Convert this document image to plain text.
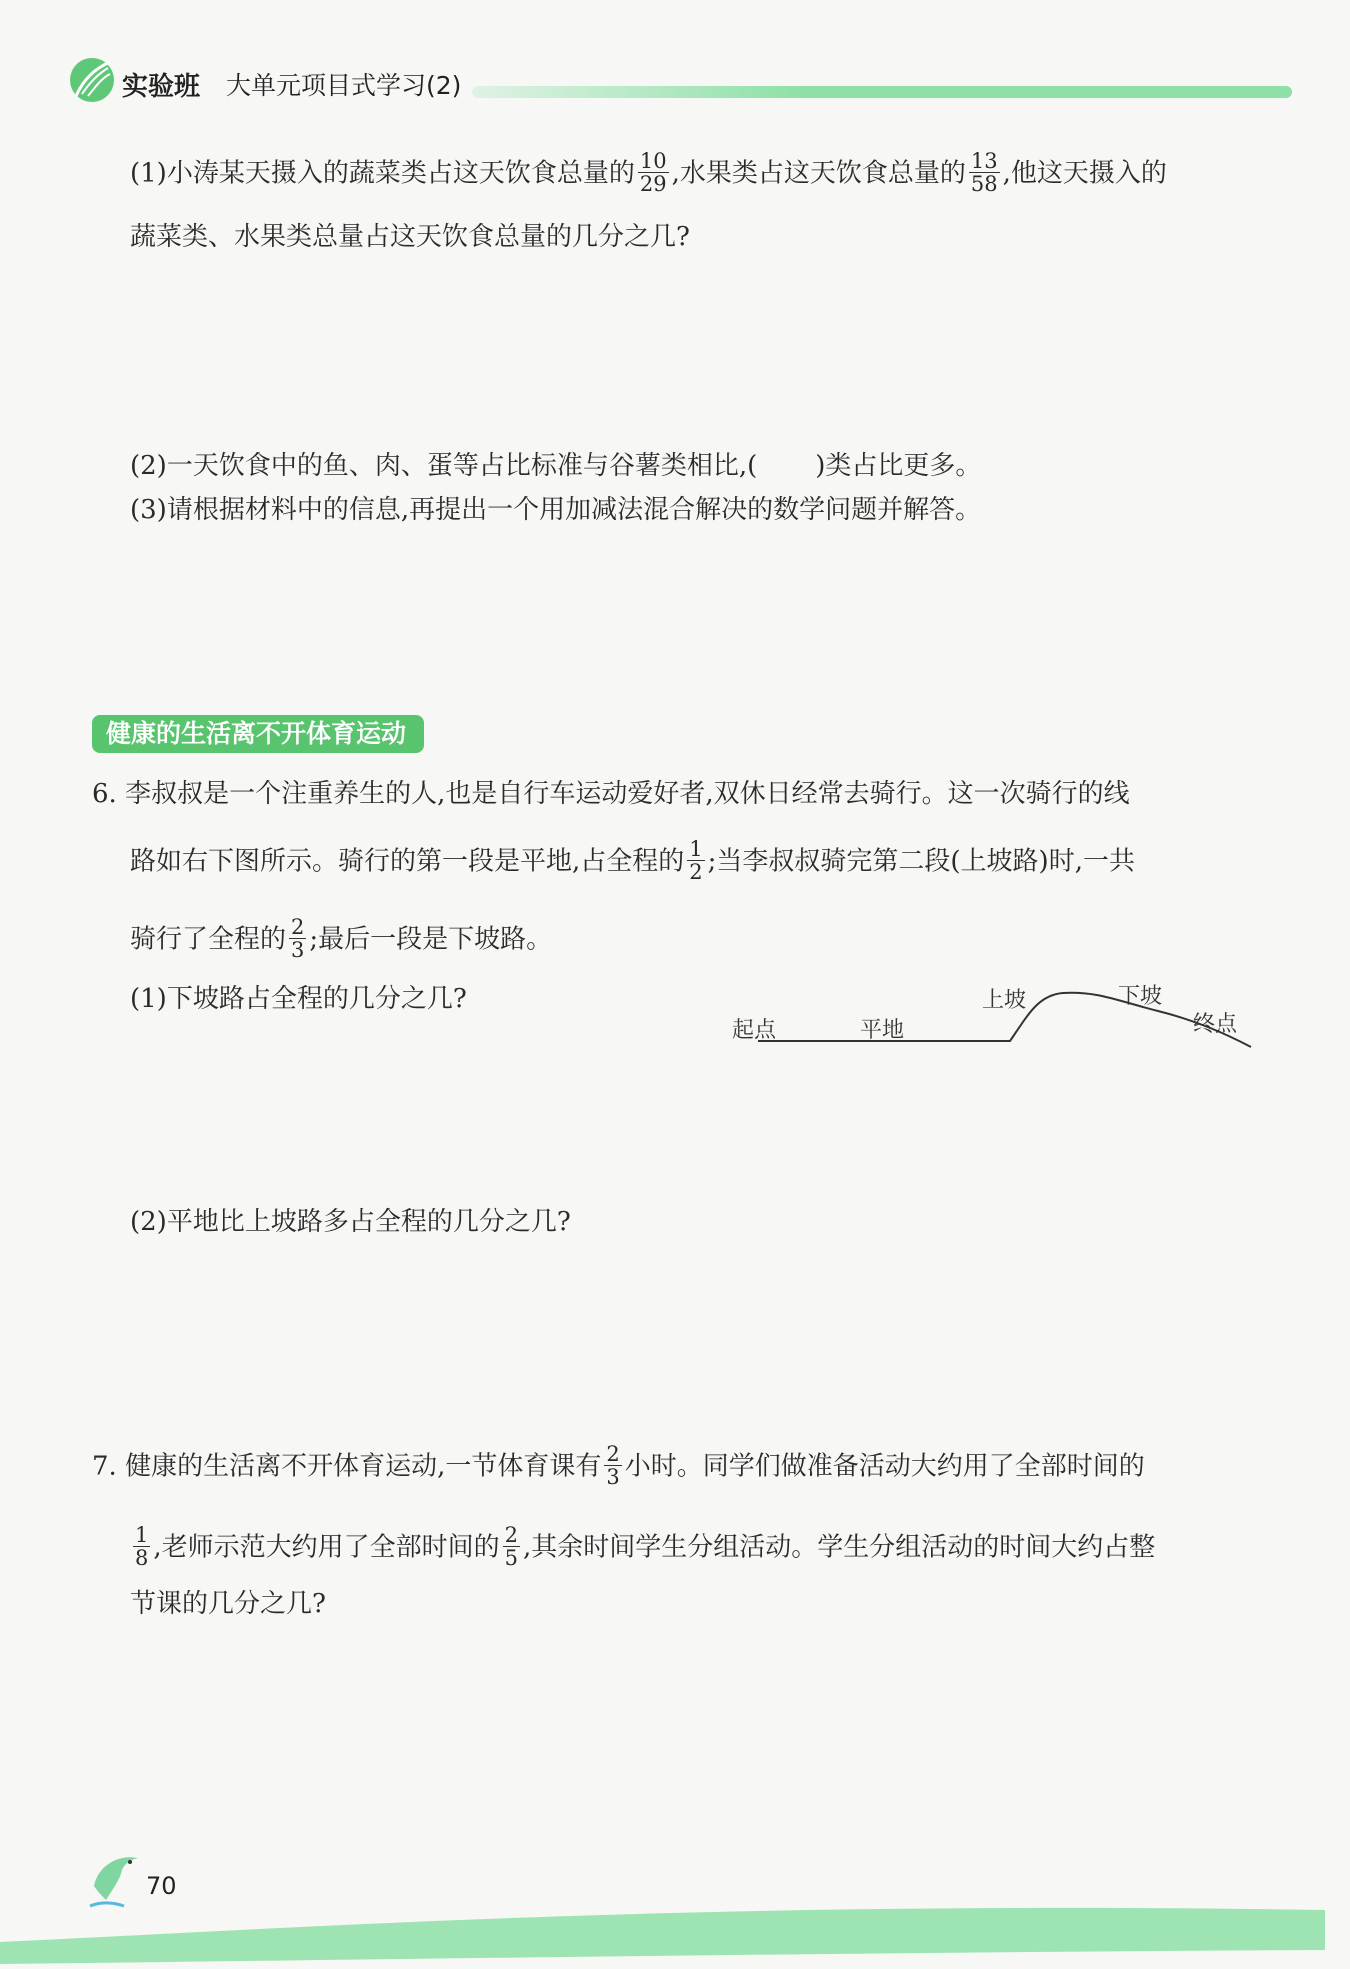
实验班 大单元项目式学习(2)
(1)小涛某天摄入的蔬菜类占这天饮食总量的 $\frac{10}{29}$ ,水果类占这天饮食总量的 $\frac{13}{58}$ ,他这天摄入的
蔬菜类、水果类总量占这天饮食总量的几分之几?
(2)一天饮食中的鱼、肉、蛋等占比标准与谷薯类相比,( )类占比更多。
(3)请根据材料中的信息,再提出一个用加减法混合解决的数学问题并解答。
健康的生活离不开体育运动
6. 李叔叔是一个注重养生的人,也是自行车运动爱好者,双休日经常去骑行。这一次骑行的线
路如右下图所示。骑行的第一段是平地,占全程的 $\frac{1}{2}$ ;当李叔叔骑完第二段(上坡路)时,一共
骑行了全程的 $\frac{2}{3}$ ;最后一段是下坡路。
(1)下坡路占全程的几分之几?
起点	平地
上坡	下坡
终点
(2)平地比上坡路多占全程的几分之几?
7. 健康的生活离不开体育运动,一节体育课有 $\frac{2}{3}$ 小时。同学们做准备活动大约用了全部时间的
$\frac{1}{8}$ ,老师示范大约用了全部时间的 $\frac{2}{5}$ ,其余时间学生分组活动。学生分组活动的时间大约占整
节课的几分之几?
70
